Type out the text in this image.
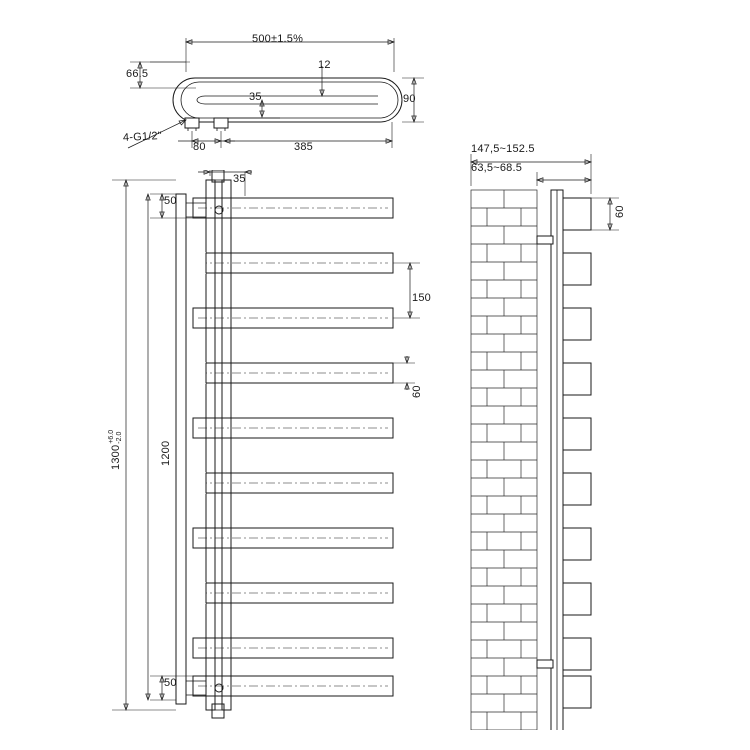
500±1.5%
66.5
12
35	90
80	385
4-G1/2"
35
50
150
60
50
1200
1300
+6.0 -2.0
147,5~152.5
63,5~68.5
60
